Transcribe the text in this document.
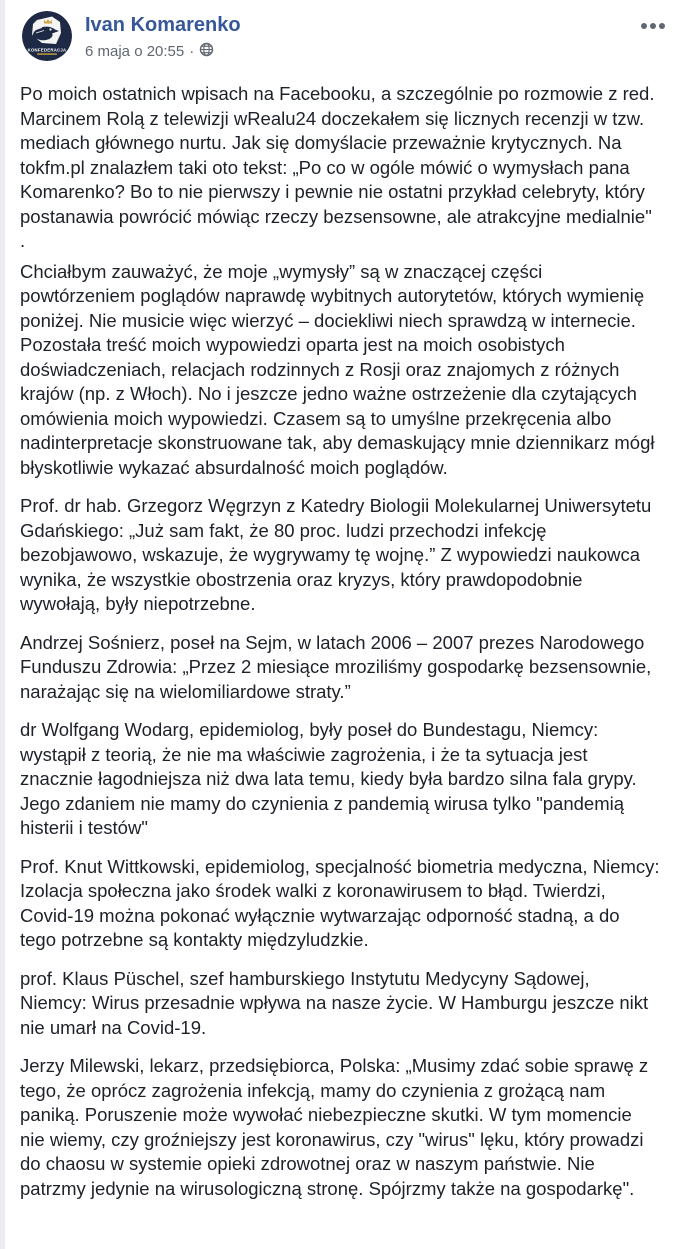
KONFEDERACJA
Ivan Komarenko
6 maja o 20:55 ·

Po moich ostatnich wpisach na Facebooku, a szczególnie po rozmowie z red. Marcinem Rolą z telewizji wRealu24 doczekałem się licznych recenzji w tzw. mediach głównego nurtu. Jak się domyślacie przeważnie krytycznych. Na tokfm.pl znalazłem taki oto tekst: „Po co w ogóle mówić o wymysłach pana Komarenko? Bo to nie pierwszy i pewnie nie ostatni przykład celebryty, który postanawia powrócić mówiąc rzeczy bezsensowne, ale atrakcyjne medialnie" .

Chciałbym zauważyć, że moje „wymysły” są w znaczącej części powtórzeniem poglądów naprawdę wybitnych autorytetów, których wymienię poniżej. Nie musicie więc wierzyć – dociekliwi niech sprawdzą w internecie. Pozostała treść moich wypowiedzi oparta jest na moich osobistych doświadczeniach, relacjach rodzinnych z Rosji oraz znajomych z różnych krajów (np. z Włoch). No i jeszcze jedno ważne ostrzeżenie dla czytających omówienia moich wypowiedzi. Czasem są to umyślne przekręcenia albo nadinterpretacje skonstruowane tak, aby demaskujący mnie dziennikarz mógł błyskotliwie wykazać absurdalność moich poglądów.

Prof. dr hab. Grzegorz Węgrzyn z Katedry Biologii Molekularnej Uniwersytetu Gdańskiego: „Już sam fakt, że 80 proc. ludzi przechodzi infekcję bezobjawowo, wskazuje, że wygrywamy tę wojnę.” Z wypowiedzi naukowca wynika, że wszystkie obostrzenia oraz kryzys, który prawdopodobnie wywołają, były niepotrzebne.

Andrzej Sośnierz, poseł na Sejm, w latach 2006 – 2007 prezes Narodowego Funduszu Zdrowia: „Przez 2 miesiące mroziliśmy gospodarkę bezsensownie, narażając się na wielomiliardowe straty.”

dr Wolfgang Wodarg, epidemiolog, były poseł do Bundestagu, Niemcy: wystąpił z teorią, że nie ma właściwie zagrożenia, i że ta sytuacja jest znacznie łagodniejsza niż dwa lata temu, kiedy była bardzo silna fala grypy. Jego zdaniem nie mamy do czynienia z pandemią wirusa tylko "pandemią histerii i testów"

Prof. Knut Wittkowski, epidemiolog, specjalność biometria medyczna, Niemcy: Izolacja społeczna jako środek walki z koronawirusem to błąd. Twierdzi, Covid-19 można pokonać wyłącznie wytwarzając odporność stadną, a do tego potrzebne są kontakty międzyludzkie.

prof. Klaus Püschel, szef hamburskiego Instytutu Medycyny Sądowej, Niemcy: Wirus przesadnie wpływa na nasze życie. W Hamburgu jeszcze nikt nie umarł na Covid-19.

Jerzy Milewski, lekarz, przedsiębiorca, Polska: „Musimy zdać sobie sprawę z tego, że oprócz zagrożenia infekcją, mamy do czynienia z grożącą nam paniką. Poruszenie może wywołać niebezpieczne skutki. W tym momencie nie wiemy, czy groźniejszy jest koronawirus, czy "wirus" lęku, który prowadzi do chaosu w systemie opieki zdrowotnej oraz w naszym państwie. Nie patrzmy jedynie na wirusologiczną stronę. Spójrzmy także na gospodarkę".
